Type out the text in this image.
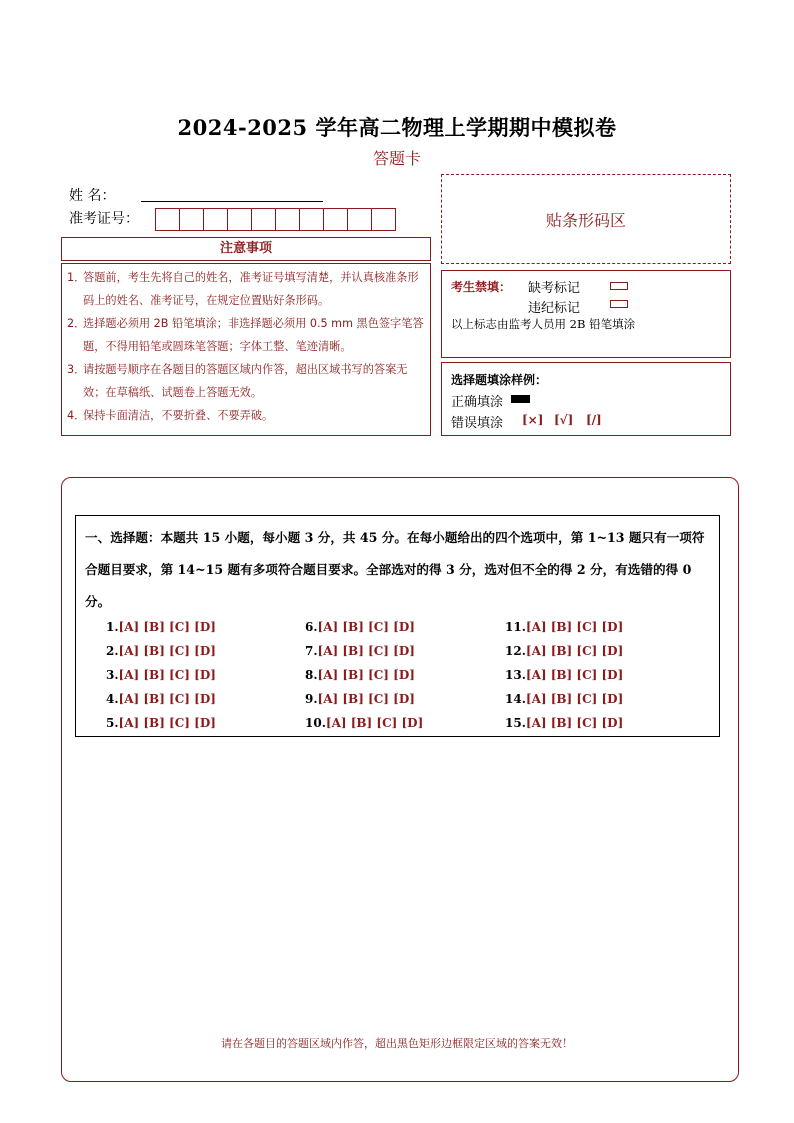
2024-2025 学年高二物理上学期期中模拟卷
答题卡
姓 名：
准考证号：	贴条形码区
注意事项
1．
答题前，考生先将自己的姓名，准考证号填写清楚，并认真核准条形码上的姓名、准考证号，在规定位置贴好条形码。
2．
选择题必须用 2B 铅笔填涂；非选择题必须用 0.5 mm 黑色签字笔答题，不得用铅笔或圆珠笔答题；字体工整、笔迹清晰。
3．
请按题号顺序在各题目的答题区域内作答，超出区域书写的答案无效；在草稿纸、试题卷上答题无效。
4．
保持卡面清洁，不要折叠、不要弄破。
考生禁填： 缺考标记
违纪标记
以上标志由监考人员用 2B 铅笔填涂
选择题填涂样例：
正确填涂
错误填涂 [×] [√] [/]
一、选择题：本题共 15 小题，每小题 3 分，共 45 分。在每小题给出的四个选项中，第 1~13 题只有一项符合题目要求，第 14~15 题有多项符合题目要求。全部选对的得 3 分，选对但不全的得 2 分，有选错的得 0 分。
1.[A] [B] [C] [D]
2.[A] [B] [C] [D]
3.[A] [B] [C] [D]
4.[A] [B] [C] [D]
5.[A] [B] [C] [D]
6.[A] [B] [C] [D]
7.[A] [B] [C] [D]
8.[A] [B] [C] [D]
9.[A] [B] [C] [D]
10.[A] [B] [C] [D]
11.[A] [B] [C] [D]
12.[A] [B] [C] [D]
13.[A] [B] [C] [D]
14.[A] [B] [C] [D]
15.[A] [B] [C] [D]
请在各题目的答题区域内作答，超出黑色矩形边框限定区域的答案无效！
